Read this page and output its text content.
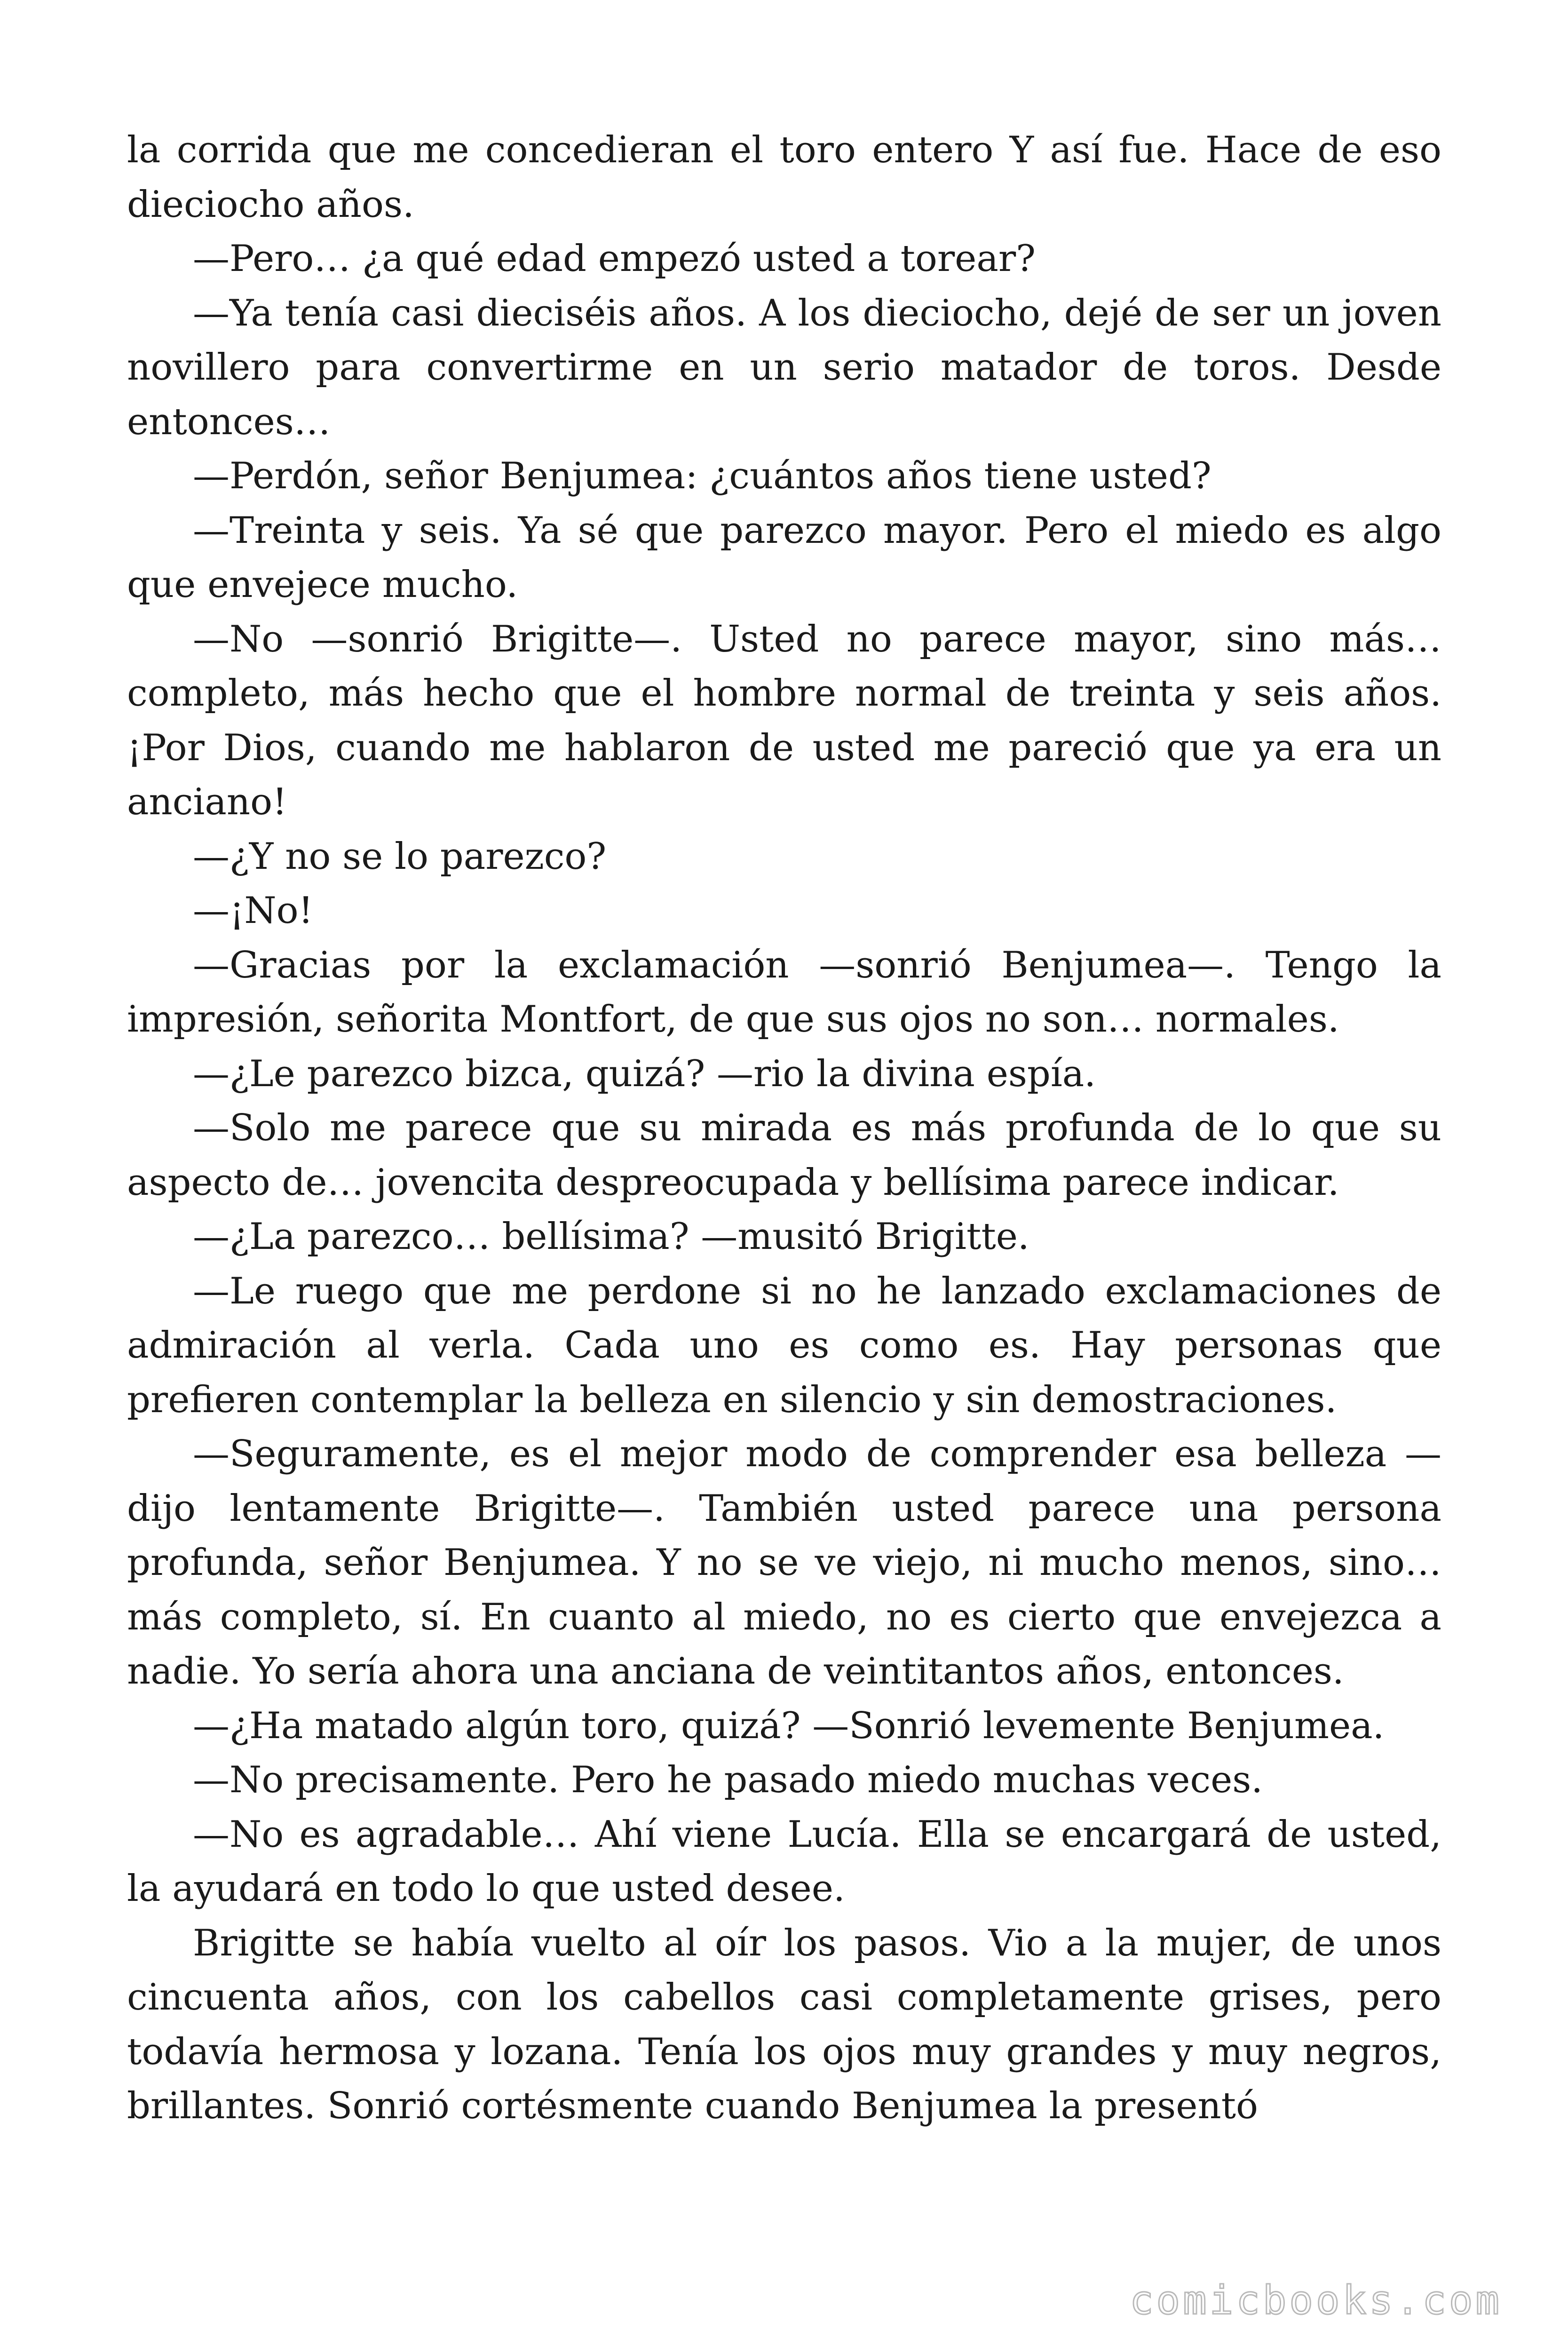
la corrida que me concedieran el toro entero Y así fue. Hace de eso dieciocho años.

—Pero… ¿a qué edad empezó usted a torear?

—Ya tenía casi dieciséis años. A los dieciocho, dejé de ser un joven novillero para convertirme en un serio matador de toros. Desde entonces…

—Perdón, señor Benjumea: ¿cuántos años tiene usted?

—Treinta y seis. Ya sé que parezco mayor. Pero el miedo es algo que envejece mucho.

—No —sonrió Brigitte—. Usted no parece mayor, sino más… completo, más hecho que el hombre normal de treinta y seis años. ¡Por Dios, cuando me hablaron de usted me pareció que ya era un anciano!

—¿Y no se lo parezco?

—¡No!

—Gracias por la exclamación —sonrió Benjumea—. Tengo la impresión, señorita Montfort, de que sus ojos no son… normales.

—¿Le parezco bizca, quizá? —rio la divina espía.

—Solo me parece que su mirada es más profunda de lo que su aspecto de… jovencita despreocupada y bellísima parece indicar.

—¿La parezco… bellísima? —musitó Brigitte.

—Le ruego que me perdone si no he lanzado exclamaciones de admiración al verla. Cada uno es como es. Hay personas que prefieren contemplar la belleza en silencio y sin demostraciones.

—Seguramente, es el mejor modo de comprender esa belleza —dijo lentamente Brigitte—. También usted parece una persona profunda, señor Benjumea. Y no se ve viejo, ni mucho menos, sino… más completo, sí. En cuanto al miedo, no es cierto que envejezca a nadie. Yo sería ahora una anciana de veintitantos años, entonces.

—¿Ha matado algún toro, quizá? —Sonrió levemente Benjumea.

—No precisamente. Pero he pasado miedo muchas veces.

—No es agradable… Ahí viene Lucía. Ella se encargará de usted, la ayudará en todo lo que usted desee.

Brigitte se había vuelto al oír los pasos. Vio a la mujer, de unos cincuenta años, con los cabellos casi completamente grises, pero todavía hermosa y lozana. Tenía los ojos muy grandes y muy negros, brillantes. Sonrió cortésmente cuando Benjumea la presentó

comicbooks.com
